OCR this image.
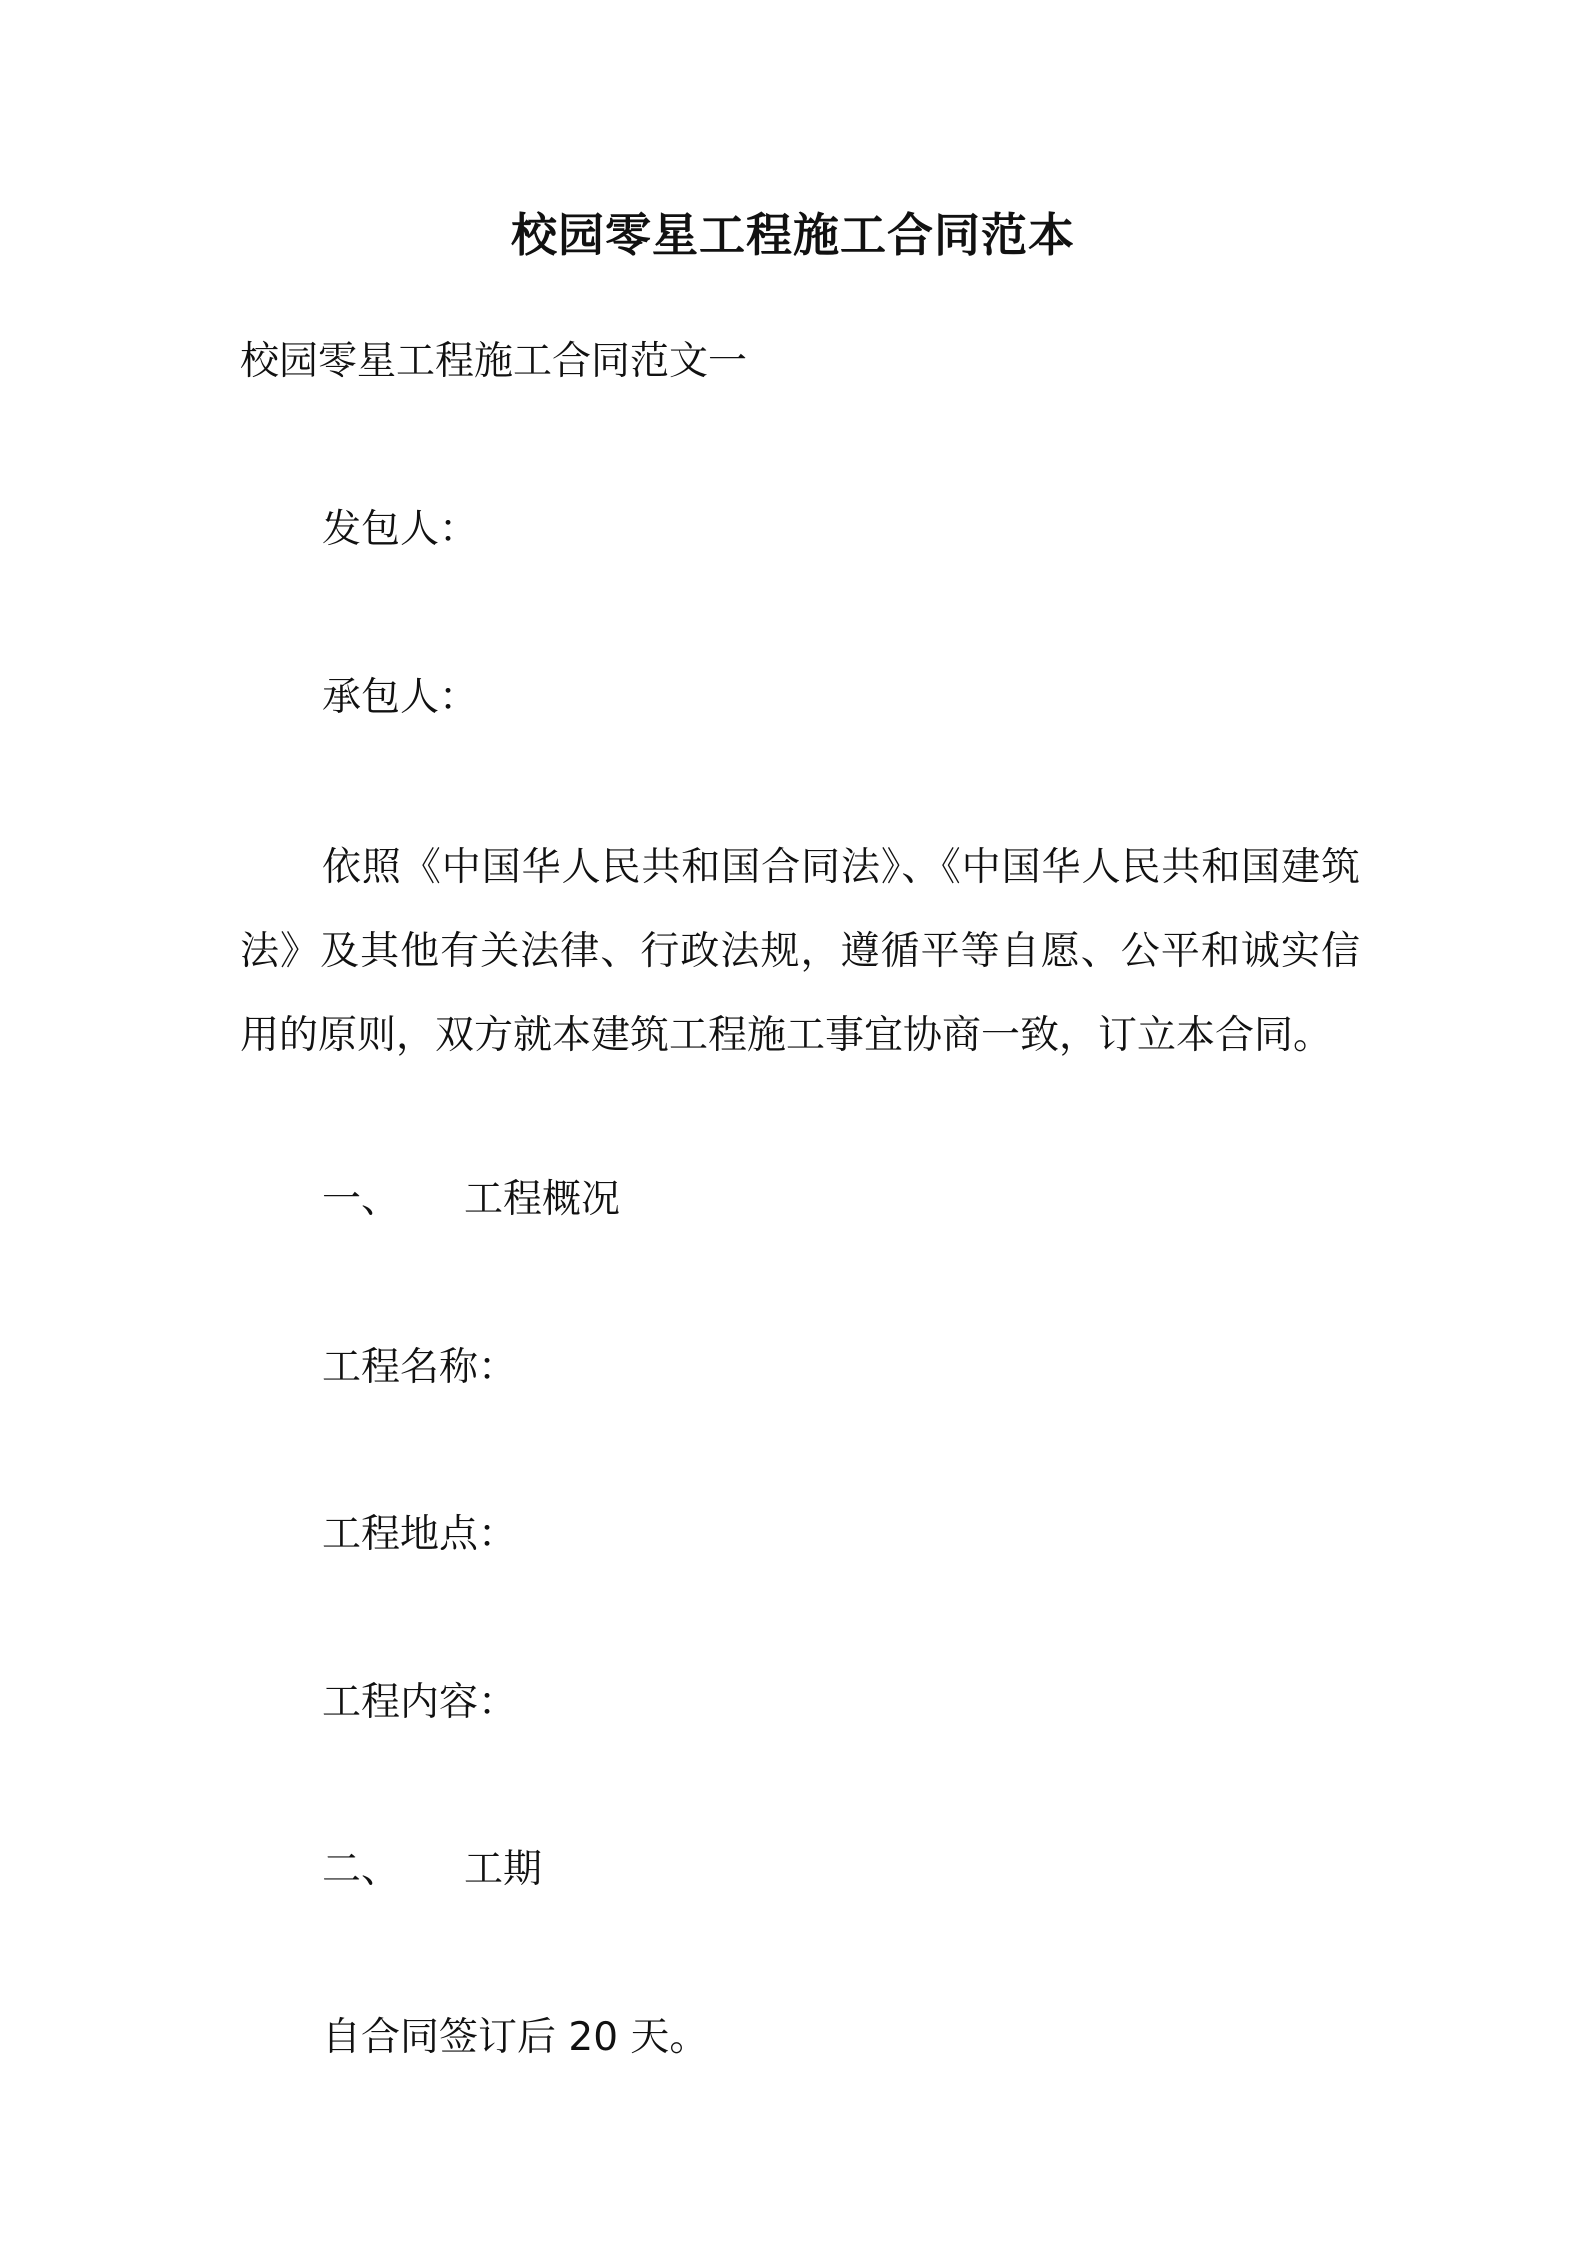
校园零星工程施工合同范本
校园零星工程施工合同范文一
发包人：
承包人：
依照《中国华人民共和国合同法》、《中国华人民共和国建筑法》及其他有关法律、行政法规，遵循平等自愿、公平和诚实信用的原则，双方就本建筑工程施工事宜协商一致，订立本合同。
一、 工程概况
工程名称：
工程地点：
工程内容：
二、 工期
自合同签订后 20 天。
